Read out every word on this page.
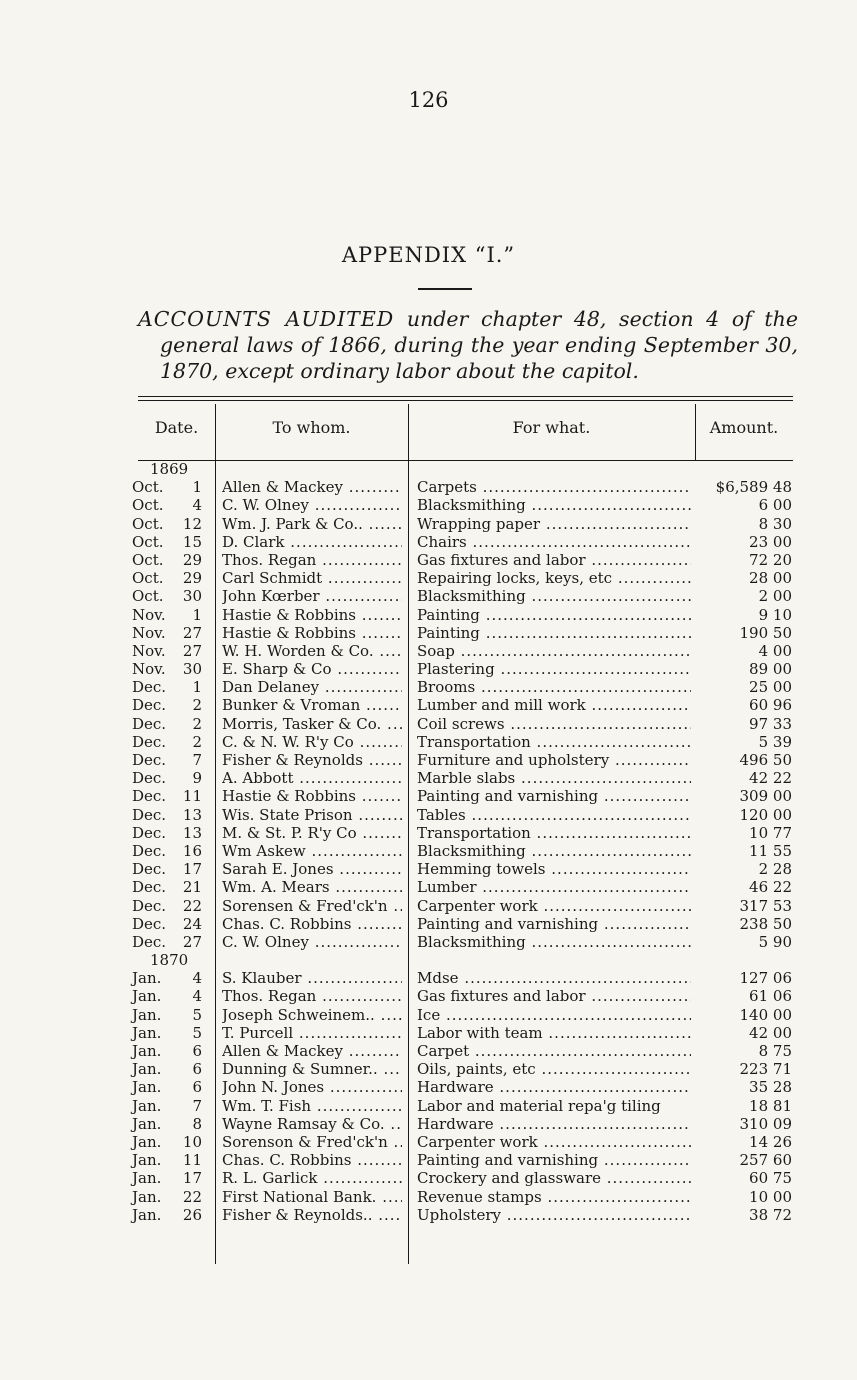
126
APPENDIX “I.”
ACCOUNTS AUDITED under chapter 48, section 4 of the
general laws of 1866, during the year ending September 30,
1870, except ordinary labor about the capitol.
Date.	To whom.	For what.	Amount.
1869
Oct.	1 Allen & Mackey .....	Carpets .....	$6,589 48
Oct.	4 C. W. Olney .....	Blacksmithing .....	6 00
Oct.	12 Wm. J. Park & Co.. .....	Wrapping paper .....	8 30
Oct.	15 D. Clark .....	Chairs .....	23 00
Oct.	29 Thos. Regan .....	Gas fixtures and labor .....	72 20
Oct.	29 Carl Schmidt .....	Repairing locks, keys, etc .....	28 00
Oct.	30 John Kœrber .....	Blacksmithing .....	2 00
Nov.	1 Hastie & Robbins .....	Painting .....	9 10
Nov.	27 Hastie & Robbins .....	Painting .....	190 50
Nov.	27 W. H. Worden & Co. .....	Soap .....	4 00
Nov.	30 E. Sharp & Co .....	Plastering .....	89 00
Dec.	1 Dan Delaney .....	Brooms .....	25 00
Dec.	2 Bunker & Vroman .....	Lumber and mill work .....	60 96
Dec.	2 Morris, Tasker & Co. .....	Coil screws .....	97 33
Dec.	2 C. & N. W. R'y Co .....	Transportation .....	5 39
Dec.	7 Fisher & Reynolds .....	Furniture and upholstery .....	496 50
Dec.	9 A. Abbott .....	Marble slabs .....	42 22
Dec.	11 Hastie & Robbins .....	Painting and varnishing .....	309 00
Dec.	13 Wis. State Prison .....	Tables .....	120 00
Dec.	13 M. & St. P. R'y Co .....	Transportation .....	10 77
Dec.	16 Wm Askew .....	Blacksmithing .....	11 55
Dec.	17 Sarah E. Jones .....	Hemming towels .....	2 28
Dec.	21 Wm. A. Mears .....	Lumber .....	46 22
Dec.	22 Sorensen & Fred'ck'n .....	Carpenter work .....	317 53
Dec.	24 Chas. C. Robbins .....	Painting and varnishing .....	238 50
Dec.	27 C. W. Olney .....	Blacksmithing .....	5 90
1870
Jan.	4 S. Klauber .....	Mdse .....	127 06
Jan.	4 Thos. Regan .....	Gas fixtures and labor .....	61 06
Jan.	5 Joseph Schweinem.. .....	Ice .....	140 00
Jan.	5 T. Purcell .....	Labor with team .....	42 00
Jan.	6 Allen & Mackey .....	Carpet .....	8 75
Jan.	6 Dunning & Sumner.. .....	Oils, paints, etc .....	223 71
Jan.	6 John N. Jones .....	Hardware .....	35 28
Jan.	7 Wm. T. Fish .....	Labor and material repa'g tiling	18 81
Jan.	8 Wayne Ramsay & Co. .....	Hardware .....	310 09
Jan.	10 Sorenson & Fred'ck'n .....	Carpenter work .....	14 26
Jan.	11 Chas. C. Robbins .....	Painting and varnishing .....	257 60
Jan.	17 R. L. Garlick .....	Crockery and glassware .....	60 75
Jan.	22 First National Bank. .....	Revenue stamps .....	10 00
Jan.	26 Fisher & Reynolds.. .....	Upholstery .....	38 72
